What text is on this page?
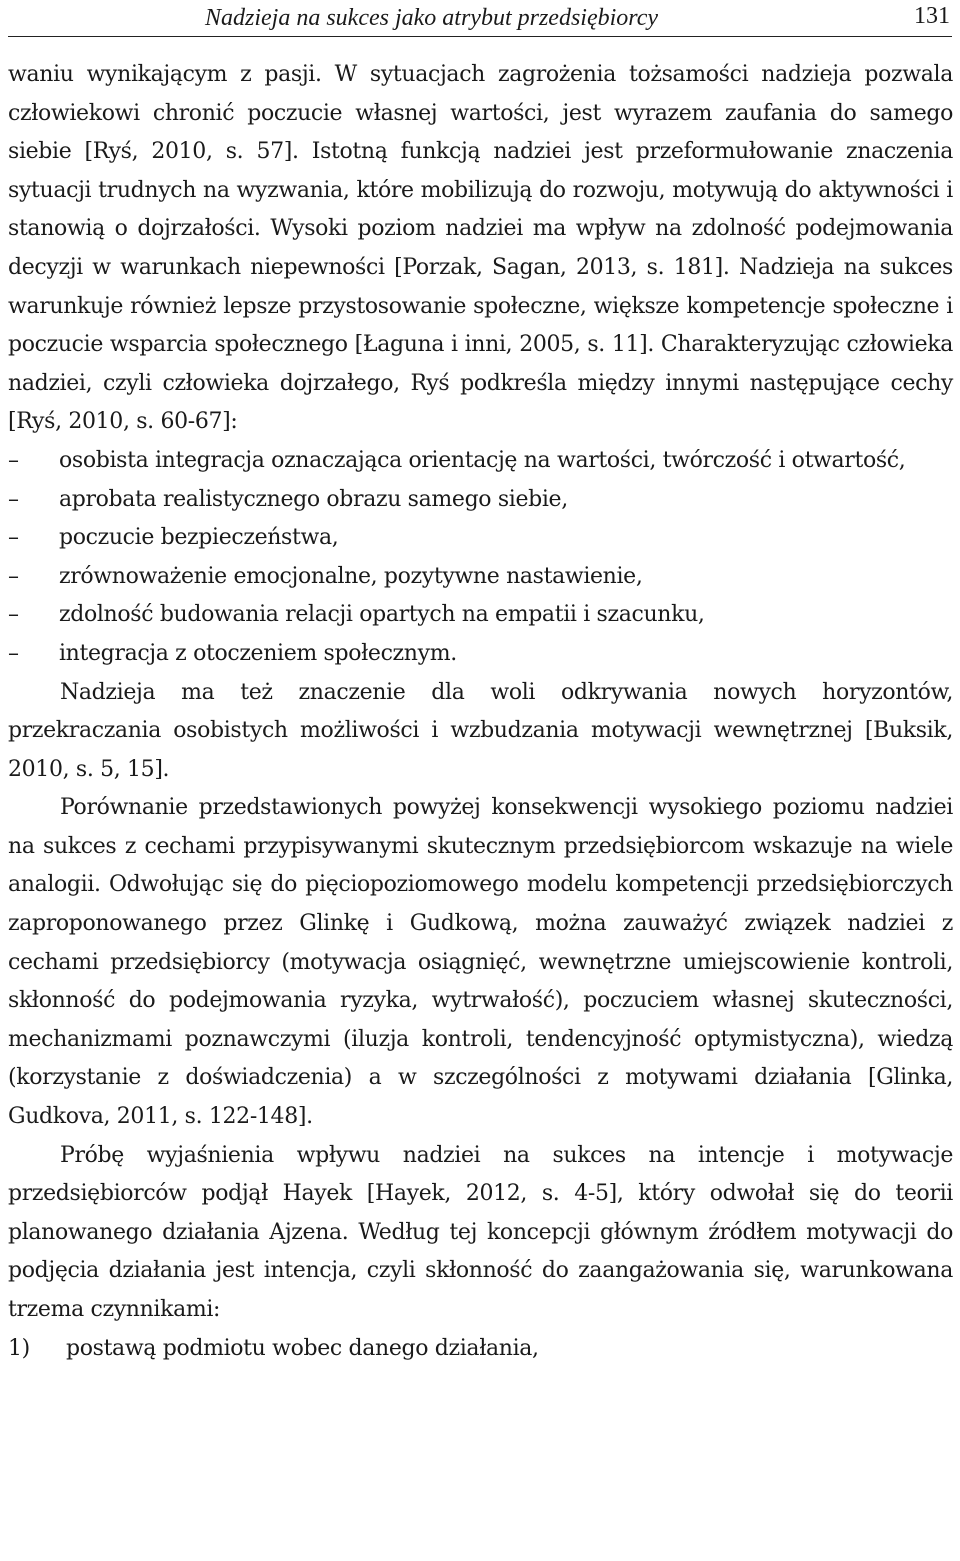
Nadzieja na sukces jako atrybut przedsiębiorcy	131

waniu wynikającym z pasji. W sytuacjach zagrożenia tożsamości nadzieja pozwala człowiekowi chronić poczucie własnej wartości, jest wyrazem zaufania do samego siebie [Ryś, 2010, s. 57]. Istotną funkcją nadziei jest przeformułowanie znaczenia sytuacji trudnych na wyzwania, które mobilizują do rozwoju, motywują do aktywności i stanowią o dojrzałości. Wysoki poziom nadziei ma wpływ na zdolność podejmowania decyzji w warunkach niepewności [Porzak, Sagan, 2013, s. 181]. Nadzieja na sukces warunkuje również lepsze przystosowanie społeczne, większe kompetencje społeczne i poczucie wsparcia społecznego [Łaguna i inni, 2005, s. 11]. Charakteryzując człowieka nadziei, czyli człowieka dojrzałego, Ryś podkreśla między innymi następujące cechy [Ryś, 2010, s. 60-67]:

– osobista integracja oznaczająca orientację na wartości, twórczość i otwartość,
– aprobata realistycznego obrazu samego siebie,
– poczucie bezpieczeństwa,
– zrównoważenie emocjonalne, pozytywne nastawienie,
– zdolność budowania relacji opartych na empatii i szacunku,
– integracja z otoczeniem społecznym.

Nadzieja ma też znaczenie dla woli odkrywania nowych horyzontów, przekraczania osobistych możliwości i wzbudzania motywacji wewnętrznej [Buksik, 2010, s. 5, 15].

Porównanie przedstawionych powyżej konsekwencji wysokiego poziomu nadziei na sukces z cechami przypisywanymi skutecznym przedsiębiorcom wskazuje na wiele analogii. Odwołując się do pięciopoziomowego modelu kompetencji przedsiębiorczych zaproponowanego przez Glinkę i Gudkową, można zauważyć związek nadziei z cechami przedsiębiorcy (motywacja osiągnięć, wewnętrzne umiejscowienie kontroli, skłonność do podejmowania ryzyka, wytrwałość), poczuciem własnej skuteczności, mechanizmami poznawczymi (iluzja kontroli, tendencyjność optymistyczna), wiedzą (korzystanie z doświadczenia) a w szczególności z motywami działania [Glinka, Gudkova, 2011, s. 122-148].

Próbę wyjaśnienia wpływu nadziei na sukces na intencje i motywacje przedsiębiorców podjął Hayek [Hayek, 2012, s. 4-5], który odwołał się do teorii planowanego działania Ajzena. Według tej koncepcji głównym źródłem motywacji do podjęcia działania jest intencja, czyli skłonność do zaangażowania się, warunkowana trzema czynnikami:

1) postawą podmiotu wobec danego działania,
